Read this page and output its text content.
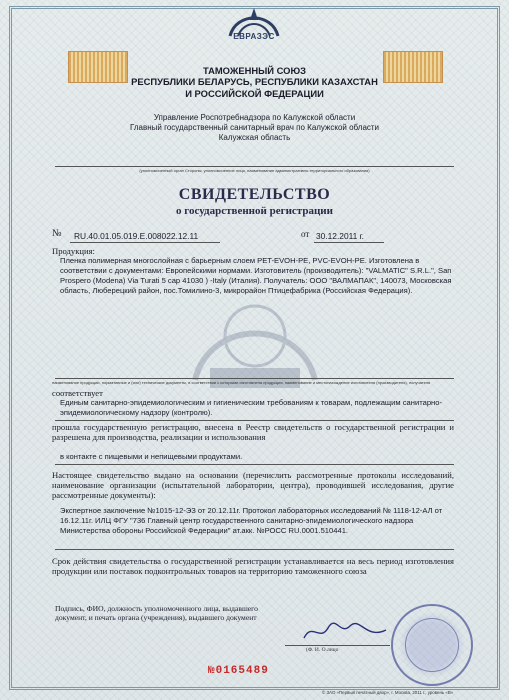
ЕВРАЗЭС
ТАМОЖЕННЫЙ СОЮЗ
РЕСПУБЛИКИ БЕЛАРУСЬ, РЕСПУБЛИКИ КАЗАХСТАН
И РОССИЙСКОЙ ФЕДЕРАЦИИ
Управление Роспотребнадзора по Калужской области
Главный государственный санитарный врач по Калужской области
Калужская область
(уполномоченный орган Стороны; уполномоченное лицо, наименование административно-территориального образования)
СВИДЕТЕЛЬСТВО
о государственной регистрации
№ RU.40.01.05.019.Е.008022.12.11	от 30.12.2011 г.
Продукция:
Пленка полимерная многослойная с барьерным слоем PET-EVOH-PE, PVC-EVOH-PE. Изготовлена в соответствии с документами: Европейскими нормами. Изготовитель (производитель): "VALMATIC" S.R.L.", San Prospero (Modena) Via Turati 5 cap 41030 ) -Italy (Италия). Получатель: ООО "ВАЛМАПАК", 140073, Московская область, Люберецкий район, пос.Томилино-3, микрорайон Птицефабрика (Российская Федерация).
наименование продукции, нормативные и (или) технические документы, в соответствии с которыми изготовлена продукция, наименование и местонахождение изготовителя (производителя), получателя
соответствует
Единым санитарно-эпидемиологическим и гигиеническим требованиям к товарам, подлежащим санитарно-эпидемиологическому надзору (контролю).
прошла государственную регистрацию, внесена в Реестр свидетельств о государственной регистрации и разрешена для производства, реализации и использования
в контакте с пищевыми и непищевыми продуктами.
Настоящее свидетельство выдано на основании (перечислить рассмотренные протоколы исследований, наименование организации (испытательной лаборатории, центра), проводившей исследования, другие рассмотренные документы):
Экспертное заключение №1015-12-ЭЗ от 20.12.11г. Протокол лабораторных исследований № 1118-12-АЛ от 16.12.11г. ИЛЦ ФГУ "736 Главный центр государственного санитарно-эпидемиологического надзора Министерства обороны Российской Федерации" ат.акк. №РОСС RU.0001.510441.
Срок действия свидетельства о государственной регистрации устанавливается на весь период изготовления продукции или поставок подконтрольных товаров на территорию таможенного союза
Подпись, ФИО, должность уполномоченного лица, выдавшего документ, и печать органа (учреждения), выдавшего документ
(Ф. И. О.лицо
№0165489
© ЗАО «Первый печатный двор», г. Москва, 2011 г., уровень «В»
